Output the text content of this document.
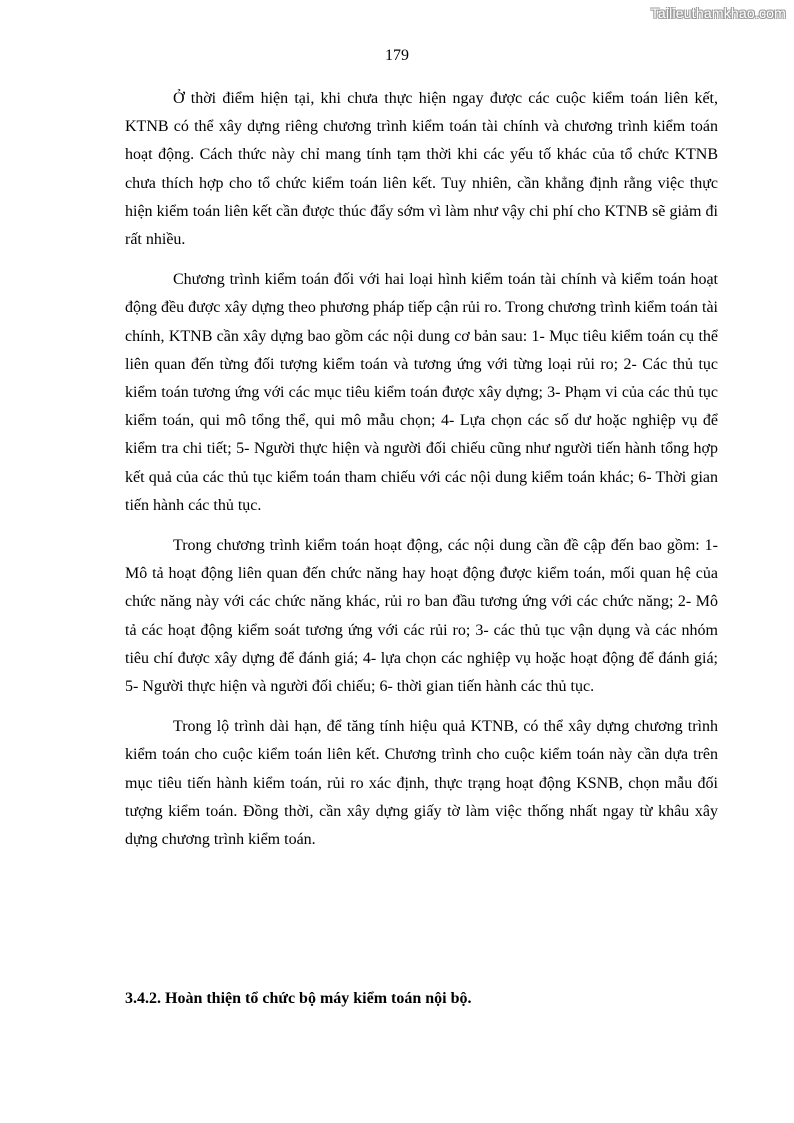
Tailieuthamkhao.com
179

Ở thời điểm hiện tại, khi chưa thực hiện ngay được các cuộc kiểm toán liên kết, KTNB có thể xây dựng riêng chương trình kiểm toán tài chính và chương trình kiểm toán hoạt động. Cách thức này chỉ mang tính tạm thời khi các yếu tố khác của tổ chức KTNB chưa thích hợp cho tổ chức kiểm toán liên kết. Tuy nhiên, cần khẳng định rằng việc thực hiện kiểm toán liên kết cần được thúc đẩy sớm vì làm như vậy chi phí cho KTNB sẽ giảm đi rất nhiều.

Chương trình kiểm toán đối với hai loại hình kiểm toán tài chính và kiểm toán hoạt động đều được xây dựng theo phương pháp tiếp cận rủi ro. Trong chương trình kiểm toán tài chính, KTNB cần xây dựng bao gồm các nội dung cơ bản sau: 1- Mục tiêu kiểm toán cụ thể liên quan đến từng đối tượng kiểm toán và tương ứng với từng loại rủi ro; 2- Các thủ tục kiểm toán tương ứng với các mục tiêu kiểm toán được xây dựng; 3- Phạm vi của các thủ tục kiểm toán, qui mô tổng thể, qui mô mẫu chọn; 4- Lựa chọn các số dư hoặc nghiệp vụ để kiểm tra chi tiết; 5- Người thực hiện và người đối chiếu cũng như người tiến hành tổng hợp kết quả của các thủ tục kiểm toán tham chiếu với các nội dung kiểm toán khác; 6- Thời gian tiến hành các thủ tục.

Trong chương trình kiểm toán hoạt động, các nội dung cần đề cập đến bao gồm: 1- Mô tả hoạt động liên quan đến chức năng hay hoạt động được kiểm toán, mối quan hệ của chức năng này với các chức năng khác, rủi ro ban đầu tương ứng với các chức năng; 2- Mô tả các hoạt động kiểm soát tương ứng với các rủi ro; 3- các thủ tục vận dụng và các nhóm tiêu chí được xây dựng để đánh giá; 4- lựa chọn các nghiệp vụ hoặc hoạt động để đánh giá; 5- Người thực hiện và người đối chiếu; 6- thời gian tiến hành các thủ tục.

Trong lộ trình dài hạn, để tăng tính hiệu quả KTNB, có thể xây dựng chương trình kiểm toán cho cuộc kiểm toán liên kết. Chương trình cho cuộc kiểm toán này cần dựa trên mục tiêu tiến hành kiểm toán, rủi ro xác định, thực trạng hoạt động KSNB, chọn mẫu đối tượng kiểm toán. Đồng thời, cần xây dựng giấy tờ làm việc thống nhất ngay từ khâu xây dựng chương trình kiểm toán.

3.4.2. Hoàn thiện tổ chức bộ máy kiểm toán nội bộ.
